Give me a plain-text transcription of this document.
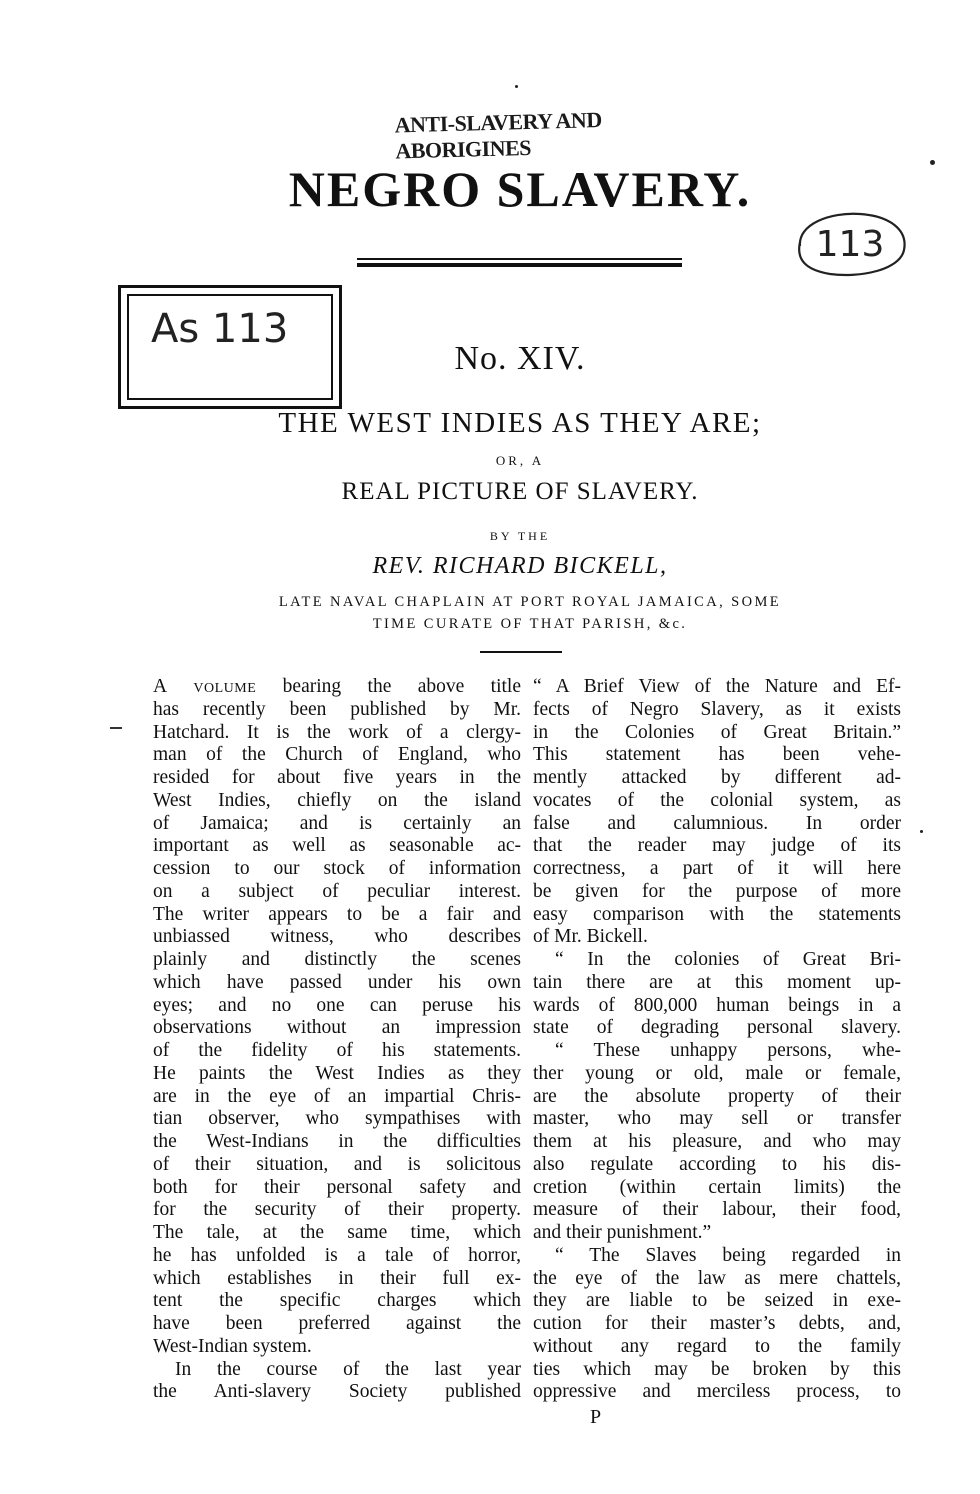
ANTI-SLAVERY AND ABORIGINES
NEGRO SLAVERY.
113
As 113
No. XIV.
THE WEST INDIES AS THEY ARE;
OR, A
REAL PICTURE OF SLAVERY.
BY THE
REV. RICHARD BICKELL,
LATE NAVAL CHAPLAIN AT PORT ROYAL JAMAICA, SOME
TIME CURATE OF THAT PARISH, &c.
A volume bearing the above title
has recently been published by Mr.
Hatchard. It is the work of a clergy-
man of the Church of England, who
resided for about five years in the
West Indies, chiefly on the island
of Jamaica; and is certainly an
important as well as seasonable ac-
cession to our stock of information
on a subject of peculiar interest.
The writer appears to be a fair and
unbiassed witness, who describes
plainly and distinctly the scenes
which have passed under his own
eyes; and no one can peruse his
observations without an impression
of the fidelity of his statements.
He paints the West Indies as they
are in the eye of an impartial Chris-
tian observer, who sympathises with
the West-Indians in the difficulties
of their situation, and is solicitous
both for their personal safety and
for the security of their property.
The tale, at the same time, which
he has unfolded is a tale of horror,
which establishes in their full ex-
tent the specific charges which
have been preferred against the
West-Indian system.
In the course of the last year
the Anti-slavery Society published
“ A Brief View of the Nature and Ef-
fects of Negro Slavery, as it exists
in the Colonies of Great Britain.”
This statement has been vehe-
mently attacked by different ad-
vocates of the colonial system, as
false and calumnious. In order
that the reader may judge of its
correctness, a part of it will here
be given for the purpose of more
easy comparison with the statements
of Mr. Bickell.
“ In the colonies of Great Bri-
tain there are at this moment up-
wards of 800,000 human beings in a
state of degrading personal slavery.
“ These unhappy persons, whe-
ther young or old, male or female,
are the absolute property of their
master, who may sell or transfer
them at his pleasure, and who may
also regulate according to his dis-
cretion (within certain limits) the
measure of their labour, their food,
and their punishment.”
“ The Slaves being regarded in
the eye of the law as mere chattels,
they are liable to be seized in exe-
cution for their master’s debts, and,
without any regard to the family
ties which may be broken by this
oppressive and merciless process, to
P
